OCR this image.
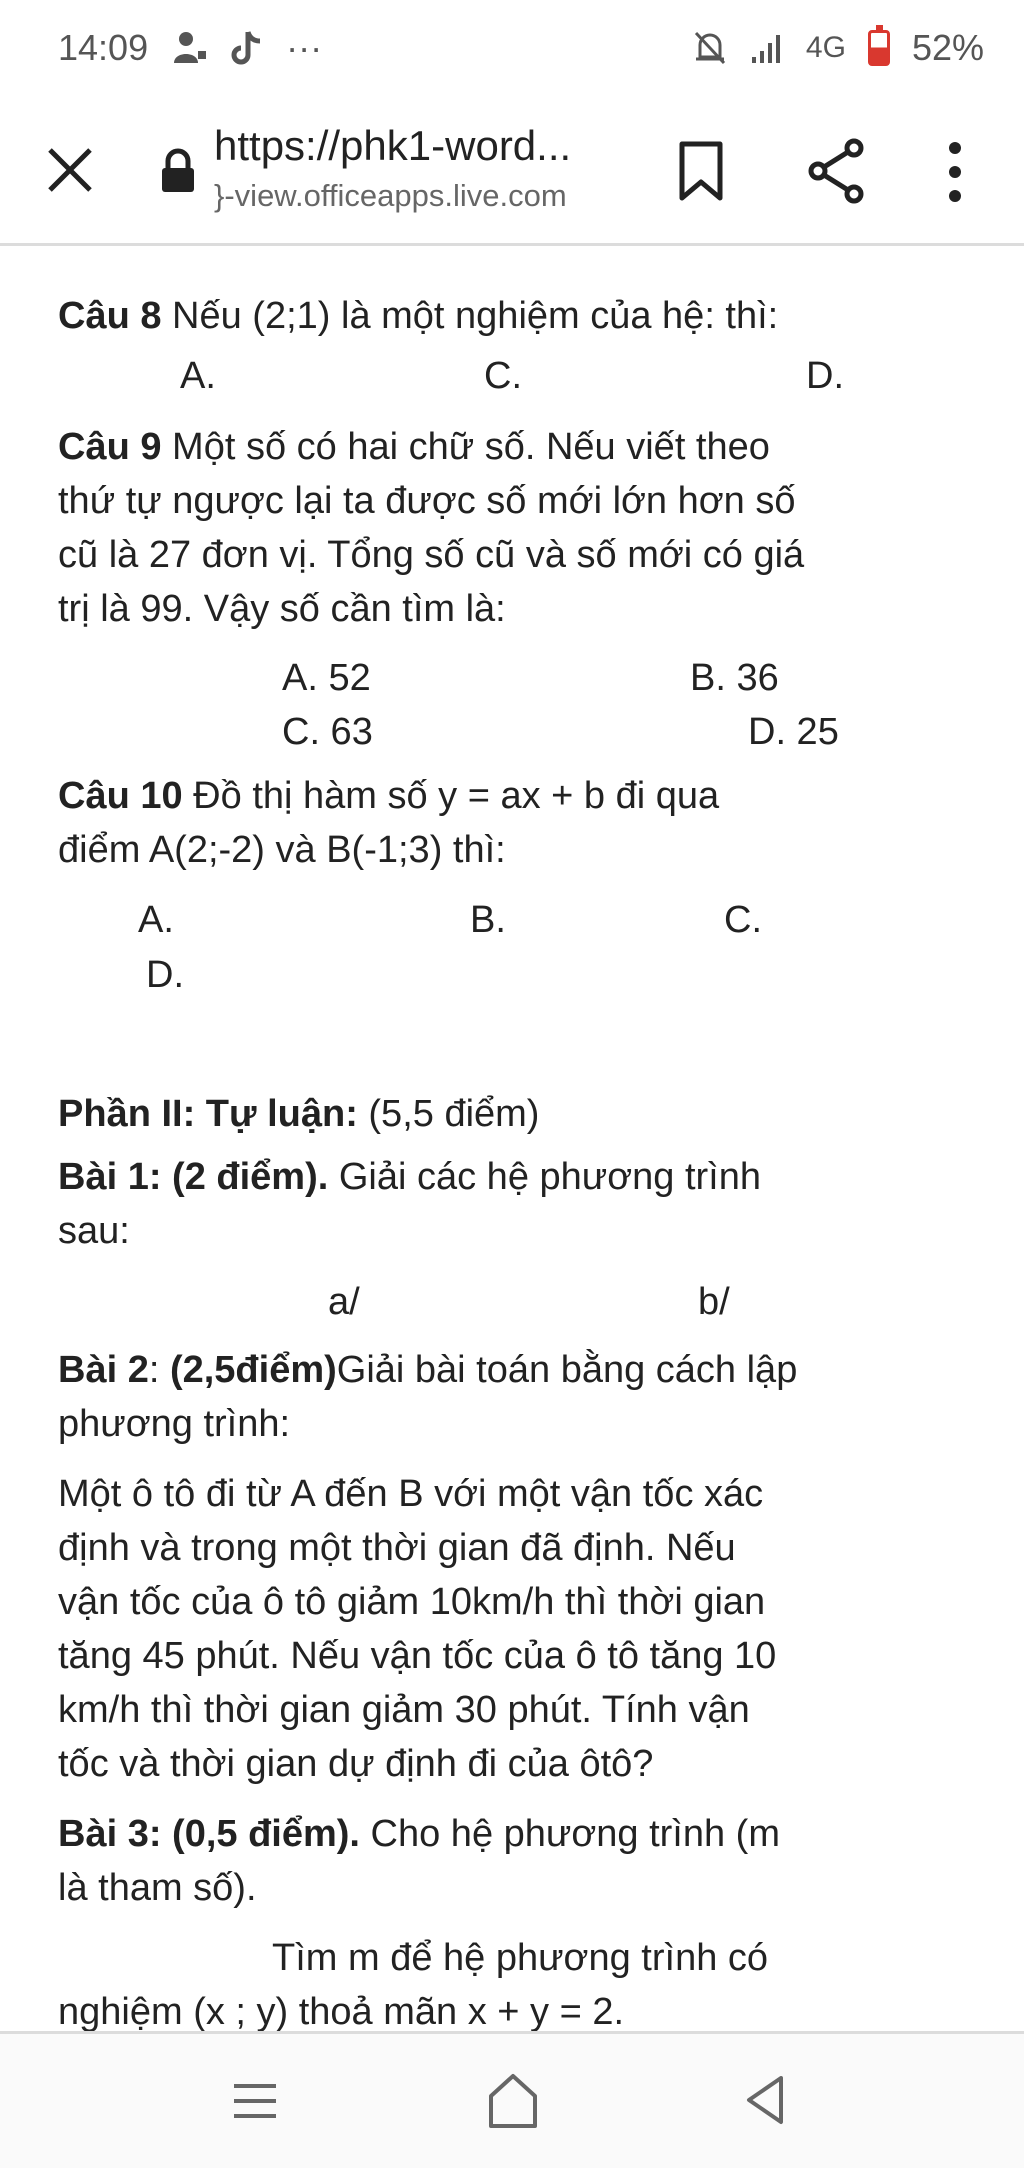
14:09	···	4G 52%
https://phk1-word...
}-view.officeapps.live.com
Câu 8 Nếu (2;1) là một nghiệm của hệ: thì:
A.	C.	D.
Câu 9 Một số có hai chữ số. Nếu viết theo
thứ tự ngược lại ta được số mới lớn hơn số
cũ là 27 đơn vị. Tổng số cũ và số mới có giá
trị là 99. Vậy số cần tìm là:
A. 52	B. 36
C. 63	D. 25
Câu 10 Đồ thị hàm số y = ax + b đi qua
điểm A(2;-2) và B(-1;3) thì:
A.	B.	C.
D.
Phần II: Tự luận: (5,5 điểm)
Bài 1: (2 điểm). Giải các hệ phương trình
sau:
a/	b/
Bài 2: (2,5điểm)Giải bài toán bằng cách lập
phương trình:
Một ô tô đi từ A đến B với một vận tốc xác
định và trong một thời gian đã định. Nếu
vận tốc của ô tô giảm 10km/h thì thời gian
tăng 45 phút. Nếu vận tốc của ô tô tăng 10
km/h thì thời gian giảm 30 phút. Tính vận
tốc và thời gian dự định đi của ôtô?
Bài 3: (0,5 điểm). Cho hệ phương trình (m
là tham số).
Tìm m để hệ phương trình có
nghiệm (x ; y) thoả mãn x + y = 2.
